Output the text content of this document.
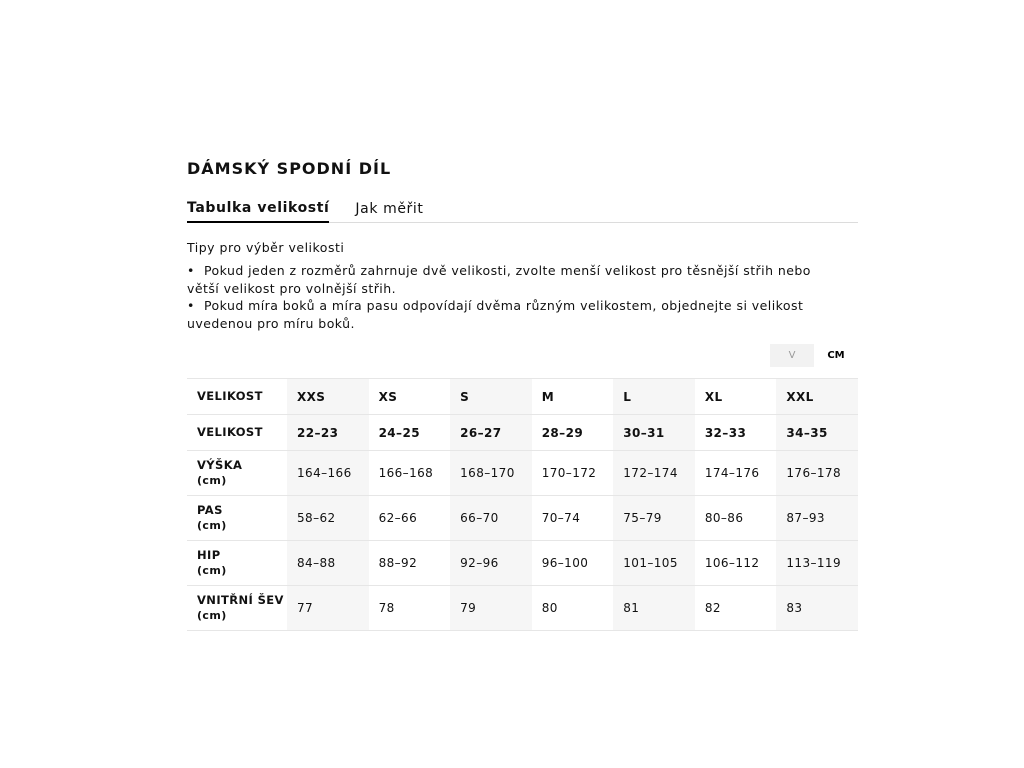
DÁMSKÝ SPODNÍ DÍL
Tabulka velikostí Jak měřit
Tipy pro výběr velikosti
• Pokud jeden z rozměrů zahrnuje dvě velikosti, zvolte menší velikost pro těsnější střih nebo
větší velikost pro volnější střih.
• Pokud míra boků a míra pasu odpovídají dvěma různým velikostem, objednejte si velikost
uvedenou pro míru boků.
V	CM
VELIKOST	XXS	XS	S	M	L	XL	XXL
VELIKOST	22–23	24–25	26–27	28–29	30–31	32–33	34–35
VÝŠKA
(cm)	164–166	166–168	168–170	170–172	172–174	174–176	176–178
PAS
(cm)	58–62	62–66	66–70	70–74	75–79	80–86	87–93
HIP
(cm)	84–88	88–92	92–96	96–100	101–105	106–112	113–119
VNITŘNÍ ŠEV
(cm)	77	78	79	80	81	82	83
